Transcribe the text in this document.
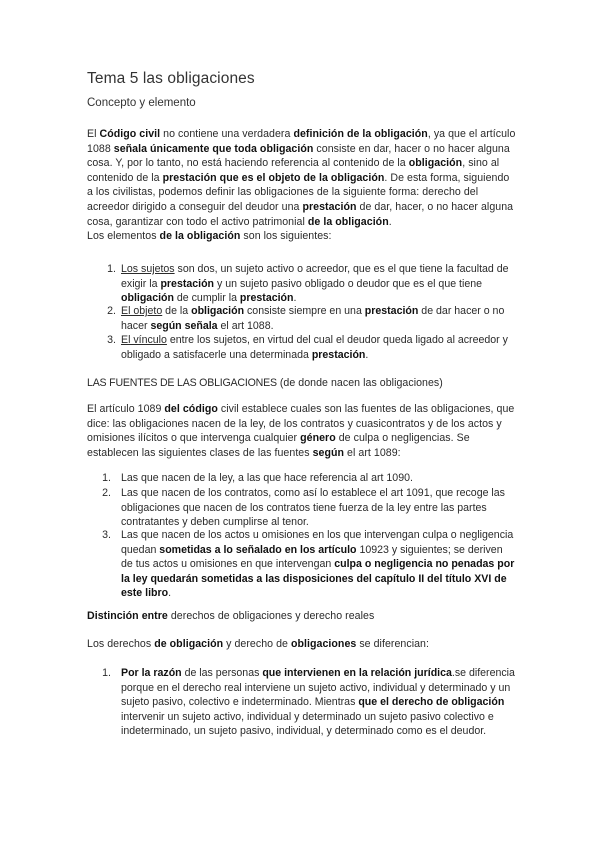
Tema 5 las obligaciones
Concepto y elemento
El Código civil no contiene una verdadera definición de la obligación, ya que el artículo 1088 señala únicamente que toda obligación consiste en dar, hacer o no hacer alguna cosa. Y, por lo tanto, no está haciendo referencia al contenido de la obligación, sino al contenido de la prestación que es el objeto de la obligación. De esta forma, siguiendo a los civilistas, podemos definir las obligaciones de la siguiente forma: derecho del acreedor dirigido a conseguir del deudor una prestación de dar, hacer, o no hacer alguna cosa, garantizar con todo el activo patrimonial de la obligación.
Los elementos de la obligación son los siguientes:
1. Los sujetos son dos, un sujeto activo o acreedor, que es el que tiene la facultad de exigir la prestación y un sujeto pasivo obligado o deudor que es el que tiene obligación de cumplir la prestación.
2. El objeto de la obligación consiste siempre en una prestación de dar hacer o no hacer según señala el art 1088.
3. El vínculo entre los sujetos, en virtud del cual el deudor queda ligado al acreedor y obligado a satisfacerle una determinada prestación.
LAS FUENTES DE LAS OBLIGACIONES (de donde nacen las obligaciones)
El artículo 1089 del código civil establece cuales son las fuentes de las obligaciones, que dice: las obligaciones nacen de la ley, de los contratos y cuasicontratos y de los actos y omisiones ilícitos o que intervenga cualquier género de culpa o negligencias. Se establecen las siguientes clases de las fuentes según el art 1089:
1. Las que nacen de la ley, a las que hace referencia al art 1090.
2. Las que nacen de los contratos, como así lo establece el art 1091, que recoge las obligaciones que nacen de los contratos tiene fuerza de la ley entre las partes contratantes y deben cumplirse al tenor.
3. Las que nacen de los actos u omisiones en los que intervengan culpa o negligencia quedan sometidas a lo señalado en los artículo 10923 y siguientes; se deriven de tus actos u omisiones en que intervengan culpa o negligencia no penadas por la ley quedarán sometidas a las disposiciones del capítulo II del título XVI de este libro.
Distinción entre derechos de obligaciones y derecho reales
Los derechos de obligación y derecho de obligaciones se diferencian:
1. Por la razón de las personas que intervienen en la relación jurídica.se diferencia porque en el derecho real interviene un sujeto activo, individual y determinado y un sujeto pasivo, colectivo e indeterminado. Mientras que el derecho de obligación intervenir un sujeto activo, individual y determinado un sujeto pasivo colectivo e indeterminado, un sujeto pasivo, individual, y determinado como es el deudor.
